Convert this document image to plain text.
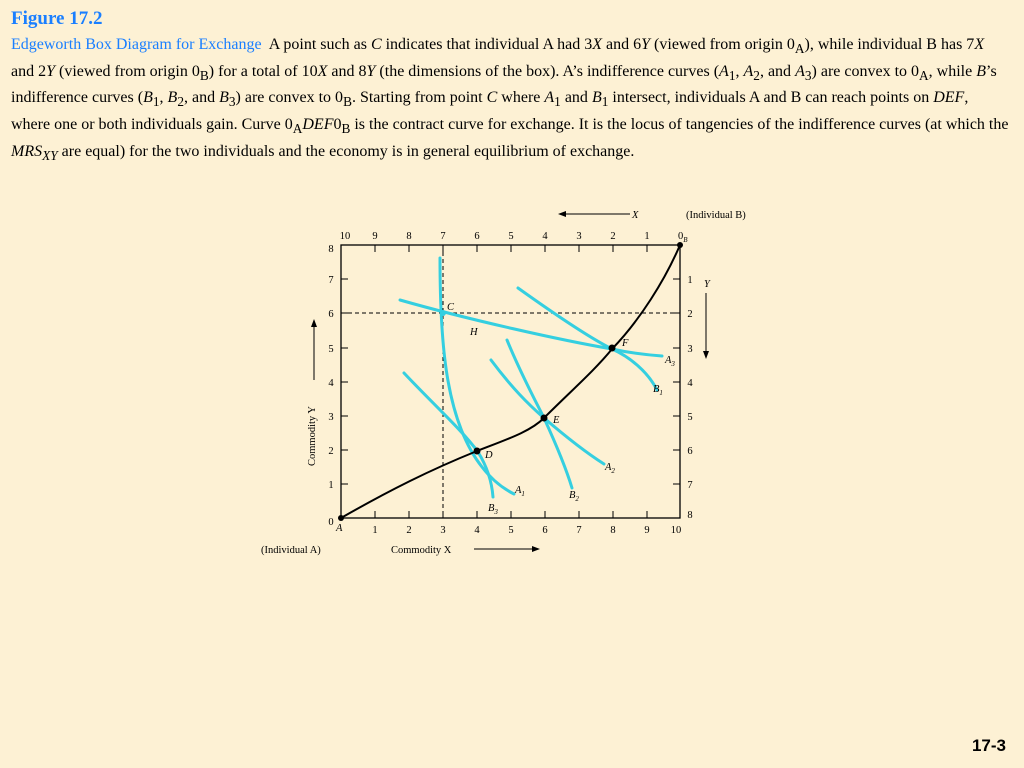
Figure 17.2
Edgeworth Box Diagram for Exchange A point such as C indicates that individual A had 3X and 6Y (viewed from origin $0_A$), while individual B has 7X and 2Y (viewed from origin $0_B$) for a total of 10X and 8Y (the dimensions of the box). A’s indifference curves ($A_1$, $A_2$, and $A_3$) are convex to $0_A$, while B’s indifference curves ($B_1$, $B_2$, and $B_3$) are convex to $0_B$. Starting from point C where $A_1$ and $B_1$ intersect, individuals A and B can reach points on DEF, where one or both individuals gain. Curve $0_ADEF0_B$ is the contract curve for exchange. It is the locus of tangencies of the indifference curves (at which the $MRS_{XY}$ are equal) for the two individuals and the economy is in general equilibrium of exchange.
10 9	8	7	6	5	4	3	2	1
1	2	3	4	5	6	7	8	9 10
0
1
2
3
4
5
6
7
8
1
2
3
4
5
6
7
8
A
$0_B$
X	(Individual B)
Y
Commodity Y
(Individual A)	Commodity X
C
H
D
E
F
$A_1$
$B_3$
$B_2$
$A_2$
$A_3$
$B_1$
17-3
